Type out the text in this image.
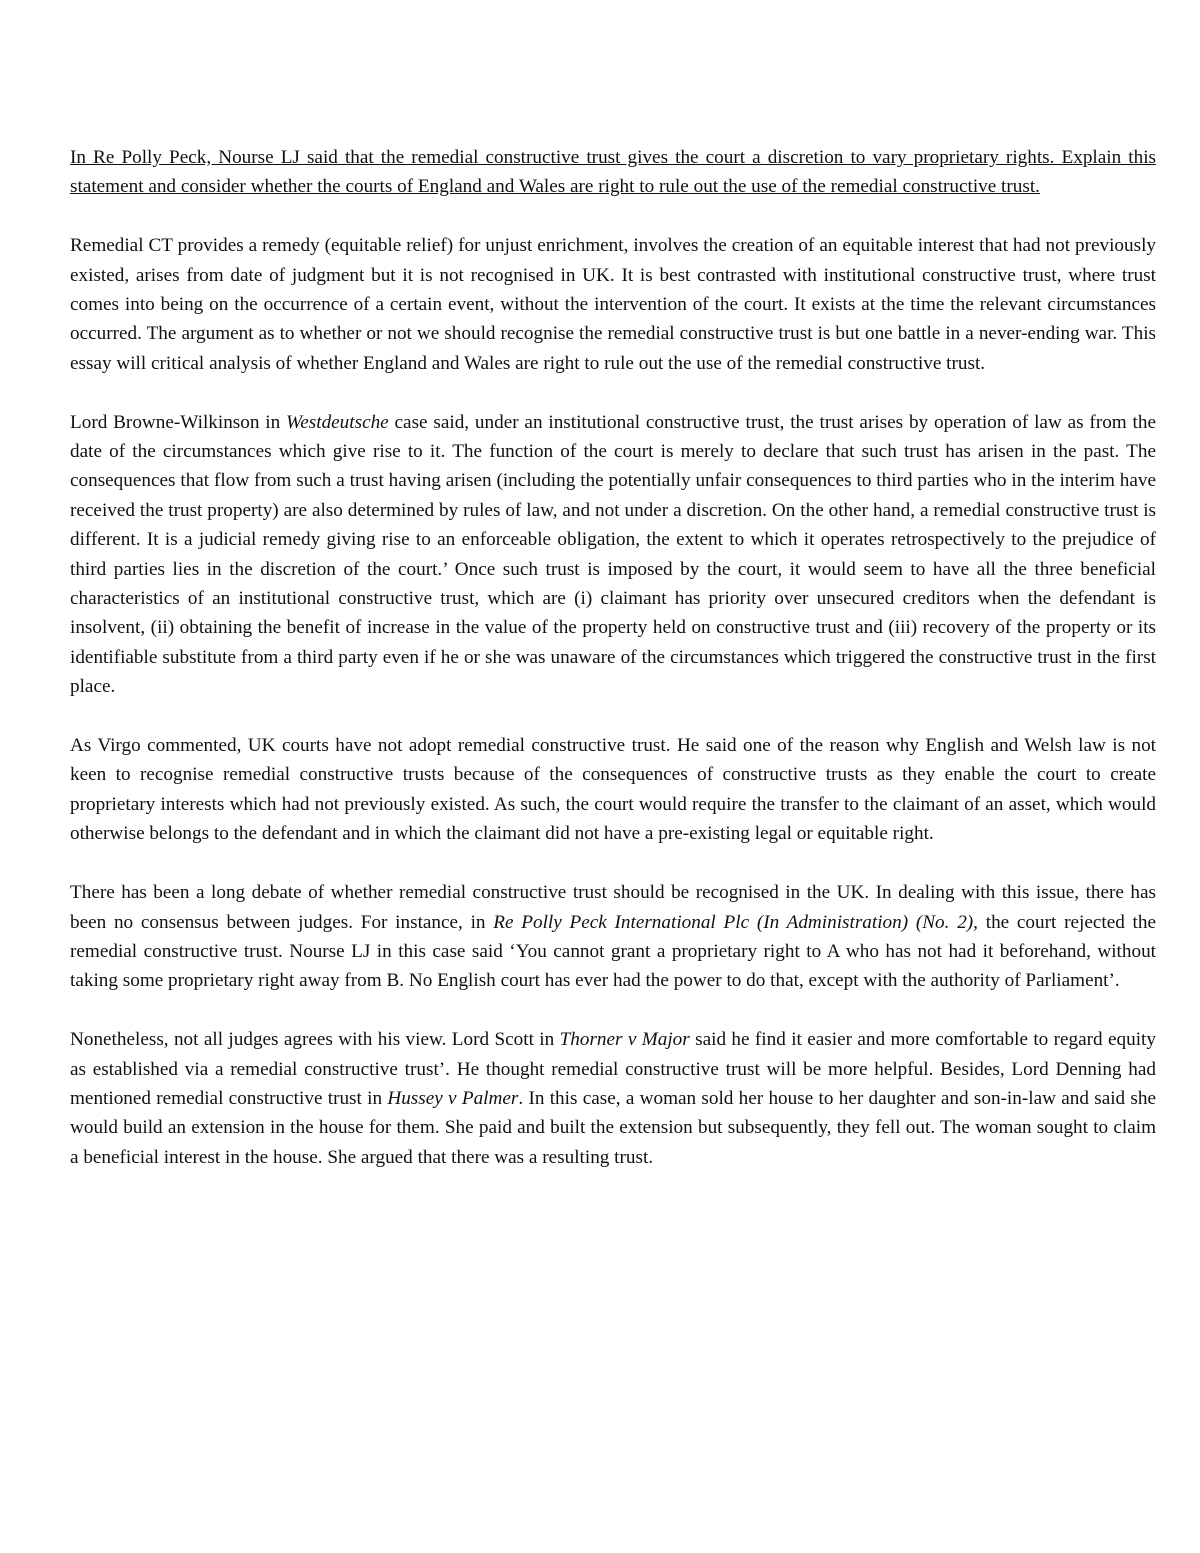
In Re Polly Peck, Nourse LJ said that the remedial constructive trust gives the court a discretion to vary proprietary rights. Explain this statement and consider whether the courts of England and Wales are right to rule out the use of the remedial constructive trust.

Remedial CT provides a remedy (equitable relief) for unjust enrichment, involves the creation of an equitable interest that had not previously existed, arises from date of judgment but it is not recognised in UK. It is best contrasted with institutional constructive trust, where trust comes into being on the occurrence of a certain event, without the intervention of the court. It exists at the time the relevant circumstances occurred. The argument as to whether or not we should recognise the remedial constructive trust is but one battle in a never-ending war. This essay will critical analysis of whether England and Wales are right to rule out the use of the remedial constructive trust.

Lord Browne-Wilkinson in Westdeutsche case said, under an institutional constructive trust, the trust arises by operation of law as from the date of the circumstances which give rise to it. The function of the court is merely to declare that such trust has arisen in the past. The consequences that flow from such a trust having arisen (including the potentially unfair consequences to third parties who in the interim have received the trust property) are also determined by rules of law, and not under a discretion. On the other hand, a remedial constructive trust is different. It is a judicial remedy giving rise to an enforceable obligation, the extent to which it operates retrospectively to the prejudice of third parties lies in the discretion of the court.’ Once such trust is imposed by the court, it would seem to have all the three beneficial characteristics of an institutional constructive trust, which are (i) claimant has priority over unsecured creditors when the defendant is insolvent, (ii) obtaining the benefit of increase in the value of the property held on constructive trust and (iii) recovery of the property or its identifiable substitute from a third party even if he or she was unaware of the circumstances which triggered the constructive trust in the first place.

As Virgo commented, UK courts have not adopt remedial constructive trust. He said one of the reason why English and Welsh law is not keen to recognise remedial constructive trusts because of the consequences of constructive trusts as they enable the court to create proprietary interests which had not previously existed. As such, the court would require the transfer to the claimant of an asset, which would otherwise belongs to the defendant and in which the claimant did not have a pre-existing legal or equitable right.

There has been a long debate of whether remedial constructive trust should be recognised in the UK. In dealing with this issue, there has been no consensus between judges. For instance, in Re Polly Peck International Plc (In Administration) (No. 2), the court rejected the remedial constructive trust. Nourse LJ in this case said ‘You cannot grant a proprietary right to A who has not had it beforehand, without taking some proprietary right away from B. No English court has ever had the power to do that, except with the authority of Parliament’.

Nonetheless, not all judges agrees with his view. Lord Scott in Thorner v Major said he find it easier and more comfortable to regard equity as established via a remedial constructive trust’. He thought remedial constructive trust will be more helpful. Besides, Lord Denning had mentioned remedial constructive trust in Hussey v Palmer. In this case, a woman sold her house to her daughter and son-in-law and said she would build an extension in the house for them. She paid and built the extension but subsequently, they fell out. The woman sought to claim a beneficial interest in the house. She argued that there was a resulting trust.
